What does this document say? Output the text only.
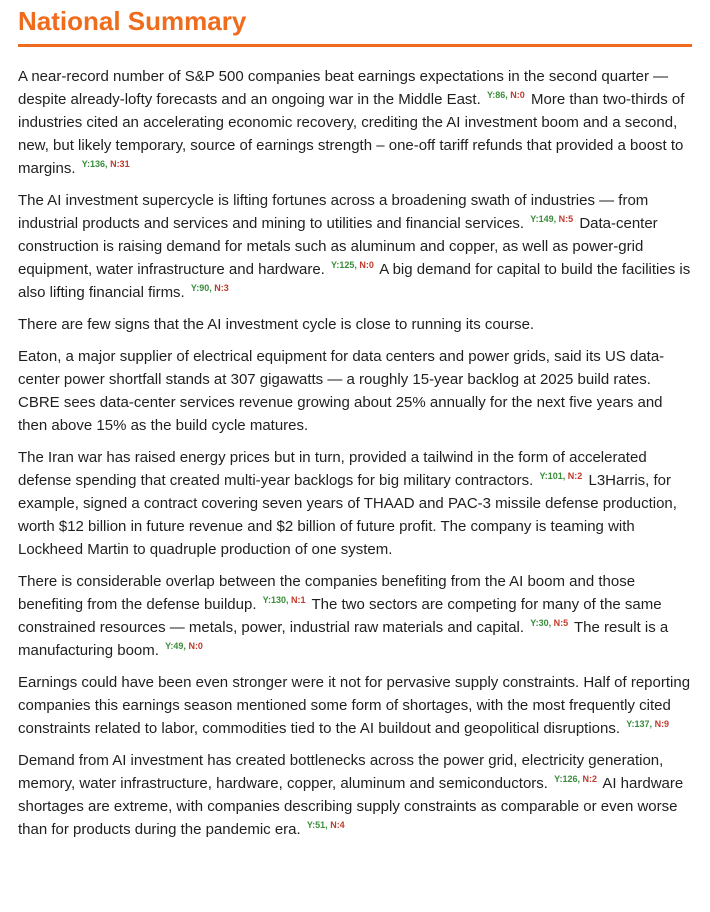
National Summary

A near-record number of S&P 500 companies beat earnings expectations in the second quarter — despite already-lofty forecasts and an ongoing war in the Middle East. $^{Y:86, N:0}$ More than two-thirds of industries cited an accelerating economic recovery, crediting the AI investment boom and a second, new, but likely temporary, source of earnings strength – one-off tariff refunds that provided a boost to margins. $^{Y:136, N:31}$

The AI investment supercycle is lifting fortunes across a broadening swath of industries — from industrial products and services and mining to utilities and financial services. $^{Y:149, N:5}$ Data-center construction is raising demand for metals such as aluminum and copper, as well as power-grid equipment, water infrastructure and hardware. $^{Y:125, N:0}$ A big demand for capital to build the facilities is also lifting financial firms. $^{Y:90, N:3}$

There are few signs that the AI investment cycle is close to running its course.

Eaton, a major supplier of electrical equipment for data centers and power grids, said its US data-center power shortfall stands at 307 gigawatts — a roughly 15-year backlog at 2025 build rates. CBRE sees data-center services revenue growing about 25% annually for the next five years and then above 15% as the build cycle matures.

The Iran war has raised energy prices but in turn, provided a tailwind in the form of accelerated defense spending that created multi-year backlogs for big military contractors. $^{Y:101, N:2}$ L3Harris, for example, signed a contract covering seven years of THAAD and PAC-3 missile defense production, worth $12 billion in future revenue and $2 billion of future profit. The company is teaming with Lockheed Martin to quadruple production of one system.

There is considerable overlap between the companies benefiting from the AI boom and those benefiting from the defense buildup. $^{Y:130, N:1}$ The two sectors are competing for many of the same constrained resources — metals, power, industrial raw materials and capital. $^{Y:30, N:5}$ The result is a manufacturing boom. $^{Y:49, N:0}$

Earnings could have been even stronger were it not for pervasive supply constraints. Half of reporting companies this earnings season mentioned some form of shortages, with the most frequently cited constraints related to labor, commodities tied to the AI buildout and geopolitical disruptions. $^{Y:137, N:9}$

Demand from AI investment has created bottlenecks across the power grid, electricity generation, memory, water infrastructure, hardware, copper, aluminum and semiconductors. $^{Y:126, N:2}$ AI hardware shortages are extreme, with companies describing supply constraints as comparable or even worse than for products during the pandemic era. $^{Y:51, N:4}$
